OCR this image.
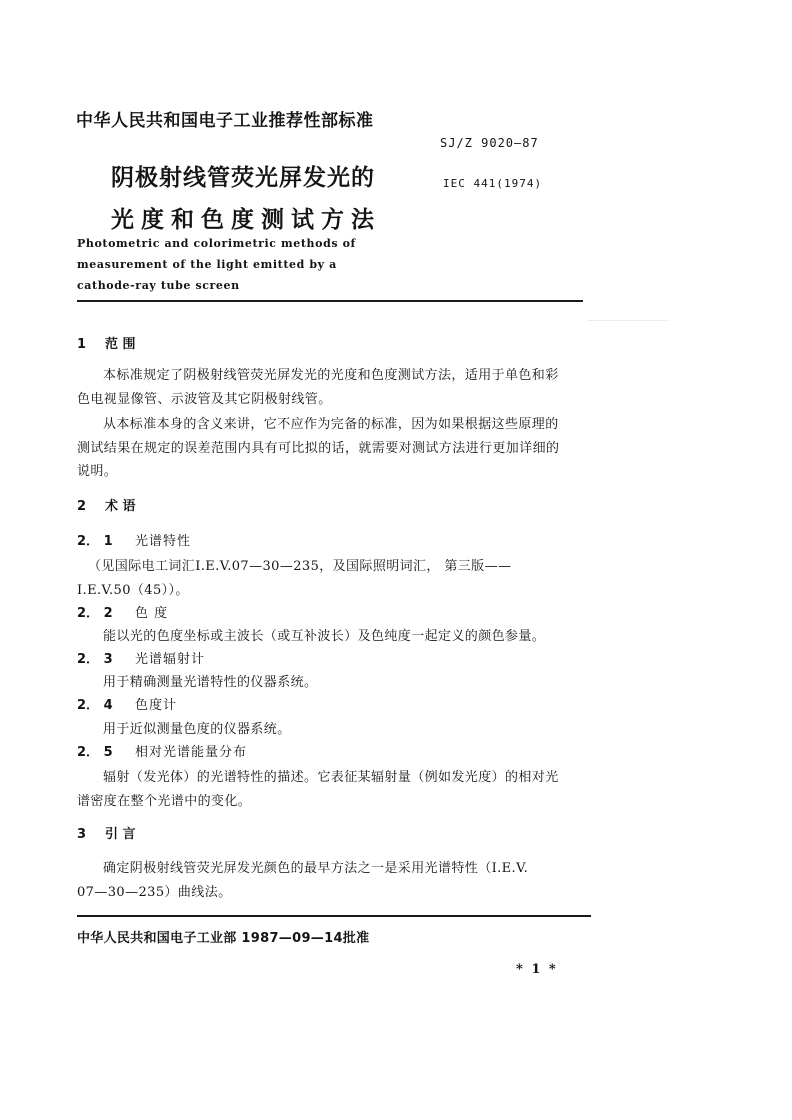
中华人民共和国电子工业推荐性部标准
SJ/Z 9020—87
阴极射线管荧光屏发光的	IEC 441(1974)
光度和色度测试方法
Photometric and colorimetric methods of
measurement of the light emitted by a
cathode-ray tube screen
1 范 围
本标准规定了阴极射线管荧光屏发光的光度和色度测试方法，适用于单色和彩
色电视显像管、示波管及其它阴极射线管。
从本标准本身的含义来讲，它不应作为完备的标准，因为如果根据这些原理的
测试结果在规定的误差范围内具有可比拟的话，就需要对测试方法进行更加详细的
说明。
2 术 语
2． 1 光谱特性
（见国际电工词汇I.E.V.07—30—235，及国际照明词汇， 第三版——
I.E.V.50（45））。
2． 2 色 度
能以光的色度坐标或主波长（或互补波长）及色纯度一起定义的颜色参量。
2． 3 光谱辐射计
用于精确测量光谱特性的仪器系统。
2． 4 色度计
用于近似测量色度的仪器系统。
2． 5 相对光谱能量分布
辐射（发光体）的光谱特性的描述。它表征某辐射量（例如发光度）的相对光
谱密度在整个光谱中的变化。
3 引 言
确定阴极射线管荧光屏发光颜色的最早方法之一是采用光谱特性（I.E.V.
07—30—235）曲线法。
中华人民共和国电子工业部 1987—09—14批准
* 1 *
